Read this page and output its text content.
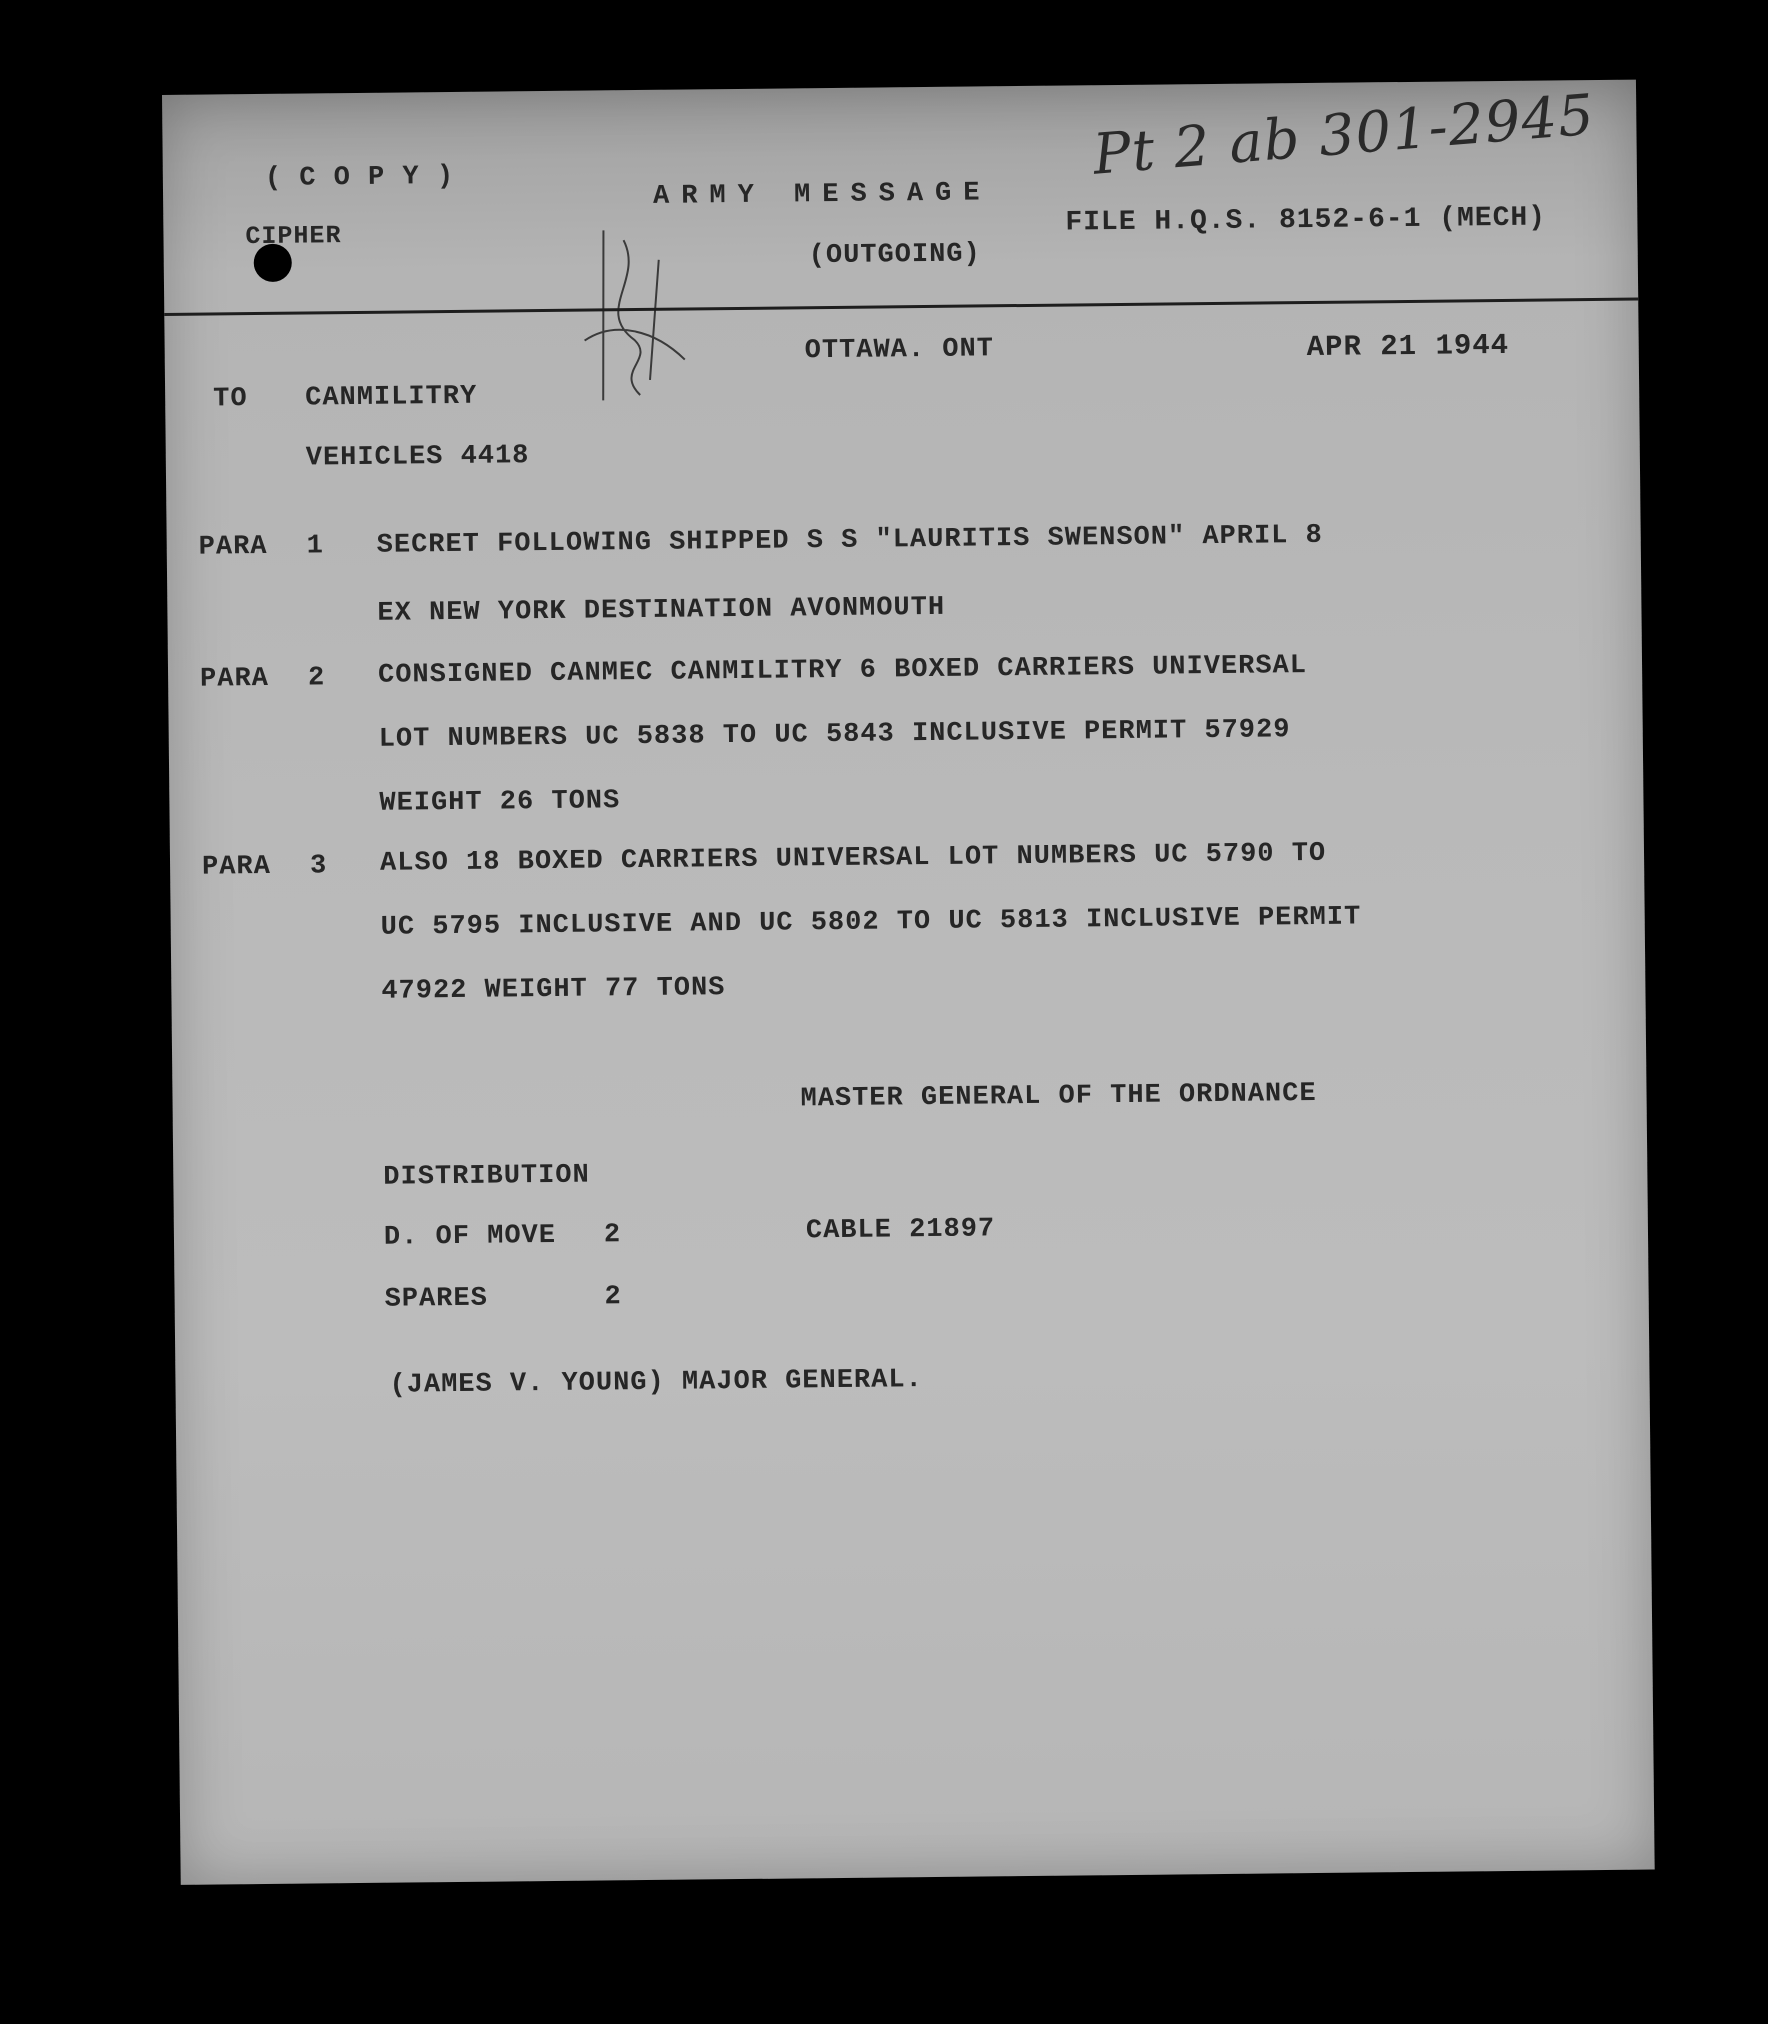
( C O P Y )
CIPHER
ARMY MESSAGE
(OUTGOING)
FILE H.Q.S. 8152-6-1 (MECH)
Pt 2 ab 301-2945
OTTAWA. ONT	APR 21 1944
TO CANMILITRY
VEHICLES 4418
PARA 1 SECRET FOLLOWING SHIPPED S S "LAURITIS SWENSON" APRIL 8
EX NEW YORK DESTINATION AVONMOUTH
PARA 2 CONSIGNED CANMEC CANMILITRY 6 BOXED CARRIERS UNIVERSAL
LOT NUMBERS UC 5838 TO UC 5843 INCLUSIVE PERMIT 57929
WEIGHT 26 TONS
PARA 3 ALSO 18 BOXED CARRIERS UNIVERSAL LOT NUMBERS UC 5790 TO
UC 5795 INCLUSIVE AND UC 5802 TO UC 5813 INCLUSIVE PERMIT
47922 WEIGHT 77 TONS
MASTER GENERAL OF THE ORDNANCE
DISTRIBUTION
D. OF MOVE 2	CABLE 21897
SPARES	2
(JAMES V. YOUNG) MAJOR GENERAL.
